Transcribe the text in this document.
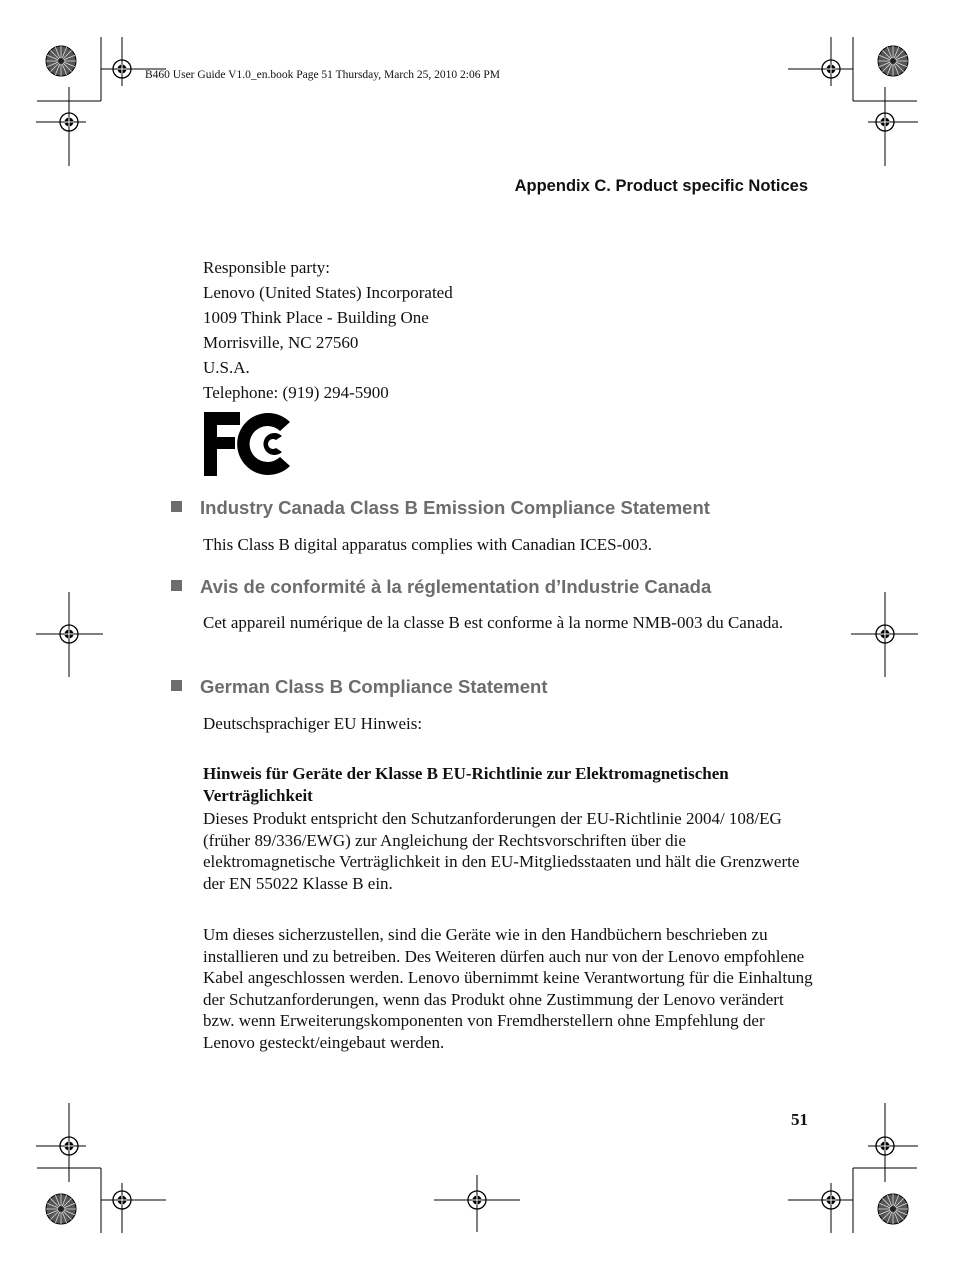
B460 User Guide V1.0_en.book Page 51 Thursday, March 25, 2010 2:06 PM
Appendix C. Product specific Notices
Responsible party:
Lenovo (United States) Incorporated
1009 Think Place - Building One
Morrisville, NC 27560
U.S.A.
Telephone: (919) 294-5900
Industry Canada Class B Emission Compliance Statement
This Class B digital apparatus complies with Canadian ICES-003.
Avis de conformité à la réglementation d’Industrie Canada
Cet appareil numérique de la classe B est conforme à la norme NMB-003 du Canada.
German Class B Compliance Statement
Deutschsprachiger EU Hinweis:
Hinweis für Geräte der Klasse B EU-Richtlinie zur Elektromagnetischen Verträglichkeit
Dieses Produkt entspricht den Schutzanforderungen der EU-Richtlinie 2004/ 108/EG (früher 89/336/EWG) zur Angleichung der Rechtsvorschriften über die elektromagnetische Verträglichkeit in den EU-Mitgliedsstaaten und hält die Grenzwerte der EN 55022 Klasse B ein.
Um dieses sicherzustellen, sind die Geräte wie in den Handbüchern beschrieben zu installieren und zu betreiben. Des Weiteren dürfen auch nur von der Lenovo empfohlene Kabel angeschlossen werden. Lenovo übernimmt keine Verantwortung für die Einhaltung der Schutzanforderungen, wenn das Produkt ohne Zustimmung der Lenovo verändert bzw. wenn Erweiterungskomponenten von Fremdherstellern ohne Empfehlung der Lenovo gesteckt/eingebaut werden.
51
